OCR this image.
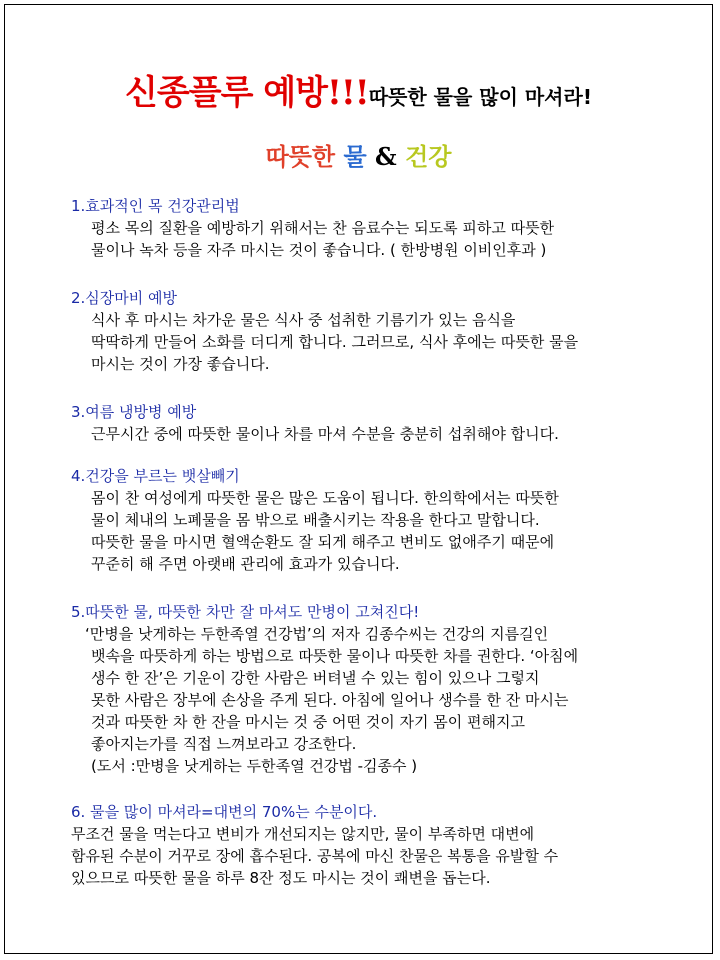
신종플루 예방!!!따뜻한 물을 많이 마셔라!
따뜻한 물 & 건강
1.효과적인 목 건강관리법
평소 목의 질환을 예방하기 위해서는 찬 음료수는 되도록 피하고 따뜻한
물이나 녹차 등을 자주 마시는 것이 좋습니다. ( 한방병원 이비인후과 )
2.심장마비 예방
식사 후 마시는 차가운 물은 식사 중 섭취한 기름기가 있는 음식을
딱딱하게 만들어 소화를 더디게 합니다. 그러므로, 식사 후에는 따뜻한 물을
마시는 것이 가장 좋습니다.
3.여름 냉방병 예방
근무시간 중에 따뜻한 물이나 차를 마셔 수분을 충분히 섭취해야 합니다.
4.건강을 부르는 뱃살빼기
몸이 찬 여성에게 따뜻한 물은 많은 도움이 됩니다. 한의학에서는 따뜻한
물이 체내의 노폐물을 몸 밖으로 배출시키는 작용을 한다고 말합니다.
따뜻한 물을 마시면 혈액순환도 잘 되게 해주고 변비도 없애주기 때문에
꾸준히 해 주면 아랫배 관리에 효과가 있습니다.
5.따뜻한 물, 따뜻한 차만 잘 마셔도 만병이 고쳐진다!
‘만병을 낫게하는 두한족열 건강법’의 저자 김종수씨는 건강의 지름길인
뱃속을 따뜻하게 하는 방법으로 따뜻한 물이나 따뜻한 차를 권한다. ‘아침에
생수 한 잔’은 기운이 강한 사람은 버텨낼 수 있는 힘이 있으나 그렇지
못한 사람은 장부에 손상을 주게 된다. 아침에 일어나 생수를 한 잔 마시는
것과 따뜻한 차 한 잔을 마시는 것 중 어떤 것이 자기 몸이 편해지고
좋아지는가를 직접 느껴보라고 강조한다.
(도서 :만병을 낫게하는 두한족열 건강법 -김종수 )
6. 물을 많이 마셔라=대변의 70%는 수분이다.
무조건 물을 먹는다고 변비가 개선되지는 않지만, 물이 부족하면 대변에
함유된 수분이 거꾸로 장에 흡수된다. 공복에 마신 찬물은 복통을 유발할 수
있으므로 따뜻한 물을 하루 8잔 정도 마시는 것이 쾌변을 돕는다.
